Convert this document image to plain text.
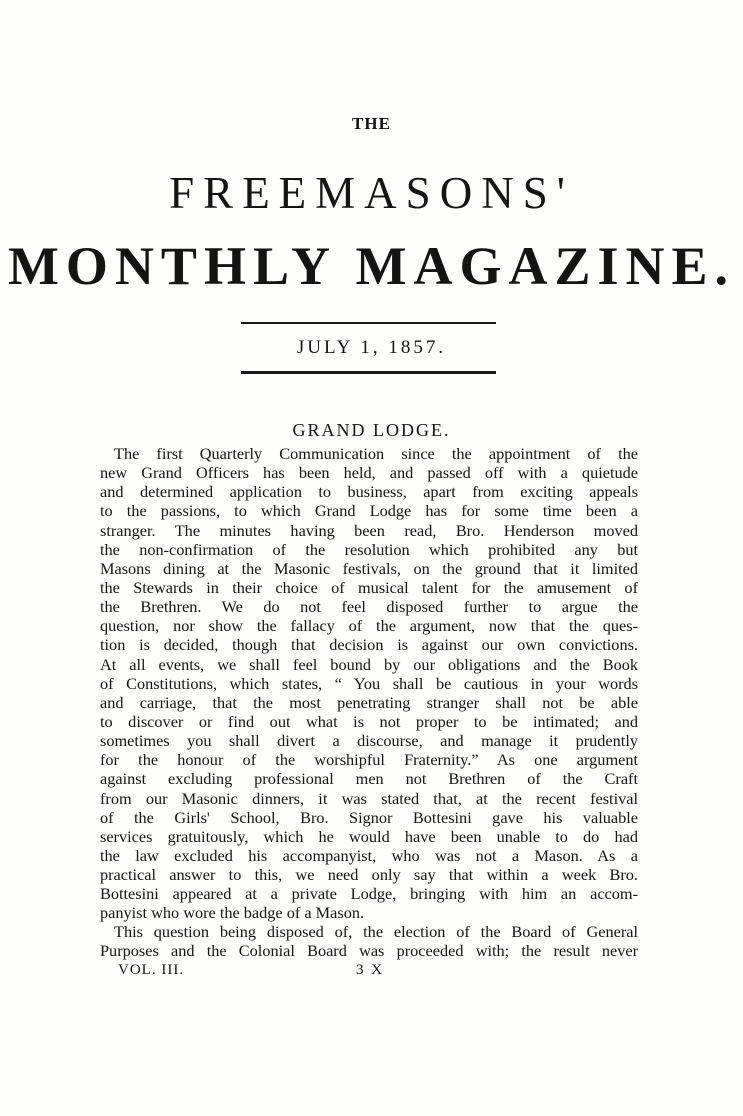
THE
FREEMASONS'
MONTHLY MAGAZINE.
JULY 1, 1857.
GRAND LODGE.
The first Quarterly Communication since the appointment of the
new Grand Officers has been held, and passed off with a quietude
and determined application to business, apart from exciting appeals
to the passions, to which Grand Lodge has for some time been a
stranger. The minutes having been read, Bro. Henderson moved
the non-confirmation of the resolution which prohibited any but
Masons dining at the Masonic festivals, on the ground that it limited
the Stewards in their choice of musical talent for the amusement of
the Brethren. We do not feel disposed further to argue the
question, nor show the fallacy of the argument, now that the ques-
tion is decided, though that decision is against our own convictions.
At all events, we shall feel bound by our obligations and the Book
of Constitutions, which states, “ You shall be cautious in your words
and carriage, that the most penetrating stranger shall not be able
to discover or find out what is not proper to be intimated; and
sometimes you shall divert a discourse, and manage it prudently
for the honour of the worshipful Fraternity.” As one argument
against excluding professional men not Brethren of the Craft
from our Masonic dinners, it was stated that, at the recent festival
of the Girls' School, Bro. Signor Bottesini gave his valuable
services gratuitously, which he would have been unable to do had
the law excluded his accompanyist, who was not a Mason. As a
practical answer to this, we need only say that within a week Bro.
Bottesini appeared at a private Lodge, bringing with him an accom-
panyist who wore the badge of a Mason.
This question being disposed of, the election of the Board of General
Purposes and the Colonial Board was proceeded with; the result never
VOL. III.	3 X
